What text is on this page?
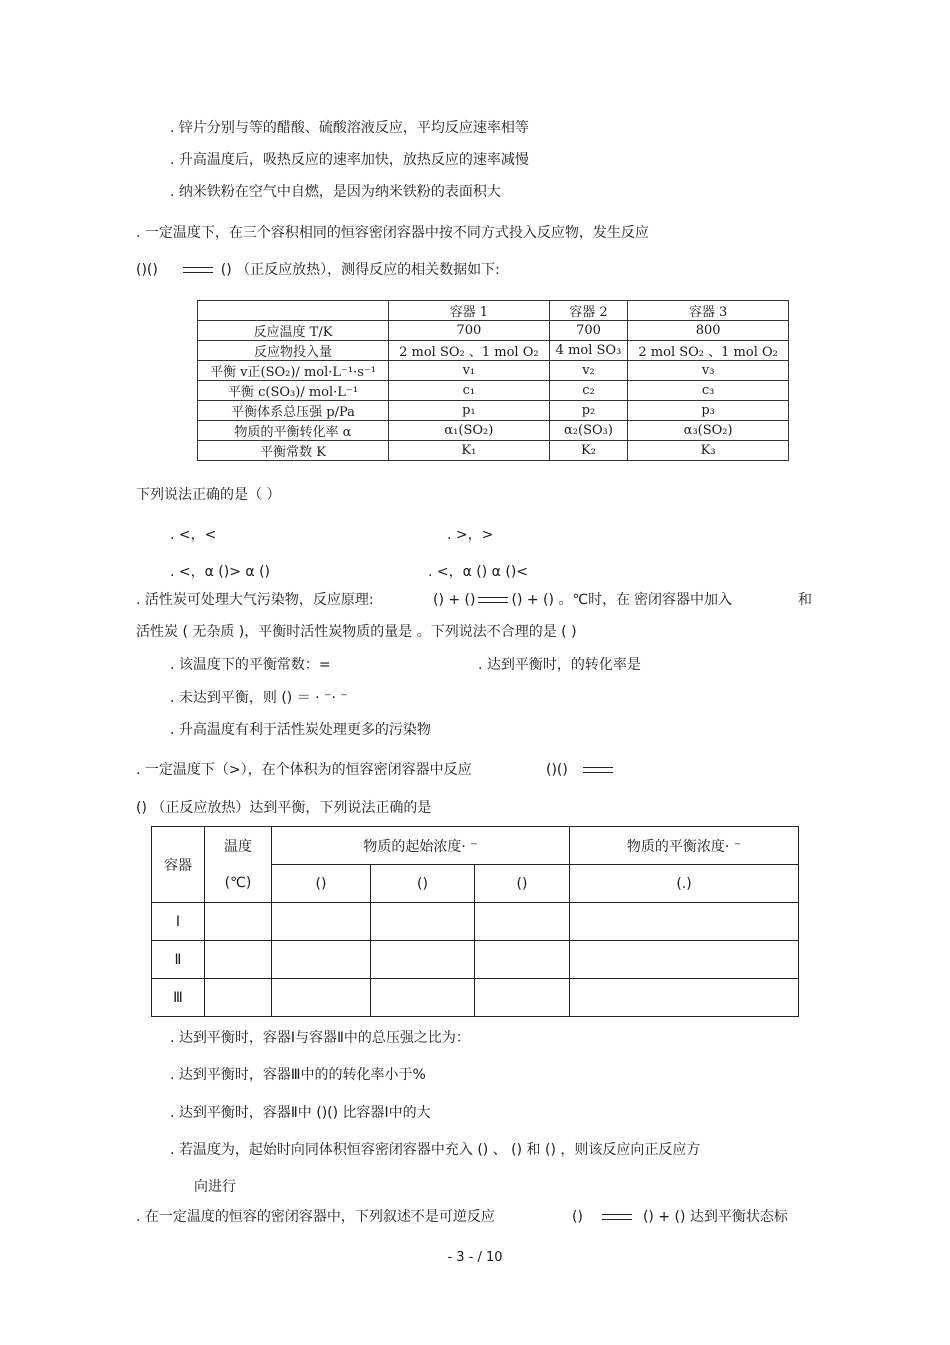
. 锌片分别与等的醋酸、硫酸溶液反应，平均反应速率相等
. 升高温度后，吸热反应的速率加快，放热反应的速率减慢
. 纳米铁粉在空气中自燃，是因为纳米铁粉的表面积大
. 一定温度下，在三个容积相同的恒容密闭容器中按不同方式投入反应物，发生反应
()()	() （正反应放热），测得反应的相关数据如下:
	容器 1	容器 2	容器 3
反应温度 T/K	700	700	800
反应物投入量	2 mol SO₂ 、1 mol O₂	4 mol SO₃	2 mol SO₂ 、1 mol O₂
平衡 v正(SO₂)/ mol·L⁻¹·s⁻¹	v₁	v₂	v₃
平衡 c(SO₃)/ mol·L⁻¹	c₁	c₂	c₃
平衡体系总压强 p/Pa	p₁	p₂	p₃
物质的平衡转化率 α	α₁(SO₂)	α₂(SO₃)	α₃(SO₂)
平衡常数 K	K₁	K₂	K₃
下列说法正确的是（ ）
. <，<	. >，>
. <，α ()> α ()	. <，α () α ()<
. 活性炭可处理大气污染物，反应原理:	() + ()	() + () 。℃时，在 密闭容器中加入	和
活性炭 ( 无杂质 )，平衡时活性炭物质的量是 。下列说法不合理的是 ( )
. 该温度下的平衡常数：=	. 达到平衡时，的转化率是
. 未达到平衡，则 () ＝ · ⁻· ⁻
. 升高温度有利于活性炭处理更多的污染物
. 一定温度下（>），在个体积为的恒容密闭容器中反应	()()
() （正反应放热）达到平衡，下列说法正确的是
容器	温度	物质的起始浓度· ⁻			物质的平衡浓度· ⁻
	(℃)	()	()	()	(.)
Ⅰ					
Ⅱ					
Ⅲ					
. 达到平衡时，容器Ⅰ与容器Ⅱ中的总压强之比为：
. 达到平衡时，容器Ⅲ中的的转化率小于%
. 达到平衡时，容器Ⅱ中 ()() 比容器Ⅰ中的大
. 若温度为，起始时向同体积恒容密闭容器中充入 () 、 () 和 () ，则该反应向正反应方
向进行
. 在一定温度的恒容的密闭容器中，下列叙述不是可逆反应	()	() + () 达到平衡状态标
- 3 - / 10
